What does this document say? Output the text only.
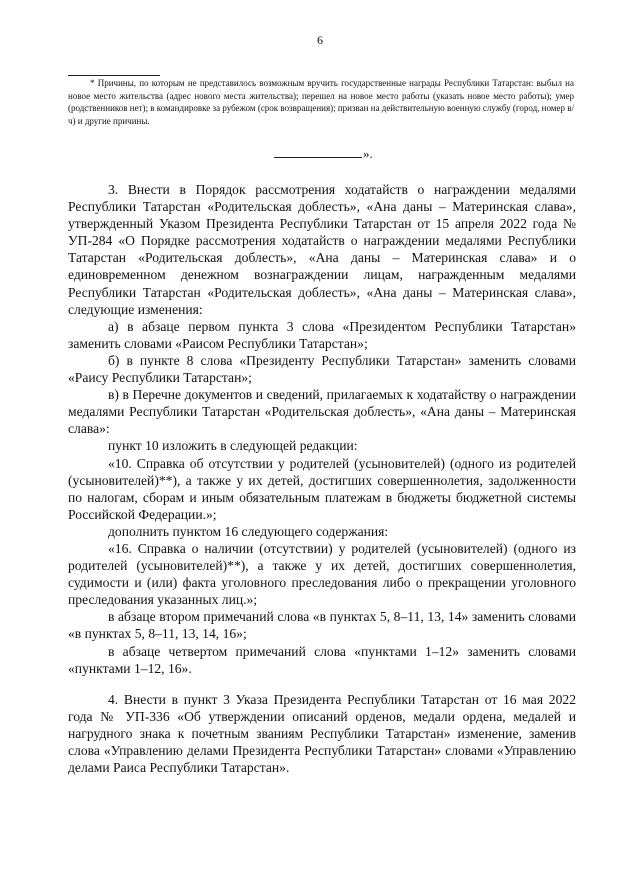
6
* Причины, по которым не представилось возможным вручить государственные награды Республики Татарстан: выбыл на новое место жительства (адрес нового места жительства); перешел на новое место работы (указать новое место работы); умер (родственников нет); в командировке за рубежом (срок возвращения); призван на действительную военную службу (город, номер в/ч) и другие причины.
».

3. Внести в Порядок рассмотрения ходатайств о награждении медалями Республики Татарстан «Родительская доблесть», «Ана даны – Материнская слава», утвержденный Указом Президента Республики Татарстан от 15 апреля 2022 года № УП-284 «О Порядке рассмотрения ходатайств о награждении медалями Республики Татарстан «Родительская доблесть», «Ана даны – Материнская слава» и о единовременном денежном вознаграждении лицам, награжденным медалями Республики Татарстан «Родительская доблесть», «Ана даны – Материнская слава», следующие изменения:

а) в абзаце первом пункта 3 слова «Президентом Республики Татарстан» заменить словами «Раисом Республики Татарстан»;

б) в пункте 8 слова «Президенту Республики Татарстан» заменить словами «Раису Республики Татарстан»;

в) в Перечне документов и сведений, прилагаемых к ходатайству о награждении медалями Республики Татарстан «Родительская доблесть», «Ана даны – Материнская слава»:

пункт 10 изложить в следующей редакции:

«10. Справка об отсутствии у родителей (усыновителей) (одного из родителей (усыновителей)**), а также у их детей, достигших совершеннолетия, задолженности по налогам, сборам и иным обязательным платежам в бюджеты бюджетной системы Российской Федерации.»;

дополнить пунктом 16 следующего содержания:

«16. Справка о наличии (отсутствии) у родителей (усыновителей) (одного из родителей (усыновителей)**), а также у их детей, достигших совершеннолетия, судимости и (или) факта уголовного преследования либо о прекращении уголовного преследования указанных лиц.»;

в абзаце втором примечаний слова «в пунктах 5, 8–11, 13, 14» заменить словами «в пунктах 5, 8–11, 13, 14, 16»;

в абзаце четвертом примечаний слова «пунктами 1–12» заменить словами «пунктами 1–12, 16».

4. Внести в пункт 3 Указа Президента Республики Татарстан от 16 мая 2022 года № УП-336 «Об утверждении описаний орденов, медали ордена, медалей и нагрудного знака к почетным званиям Республики Татарстан» изменение, заменив слова «Управлению делами Президента Республики Татарстан» словами «Управлению делами Раиса Республики Татарстан».
